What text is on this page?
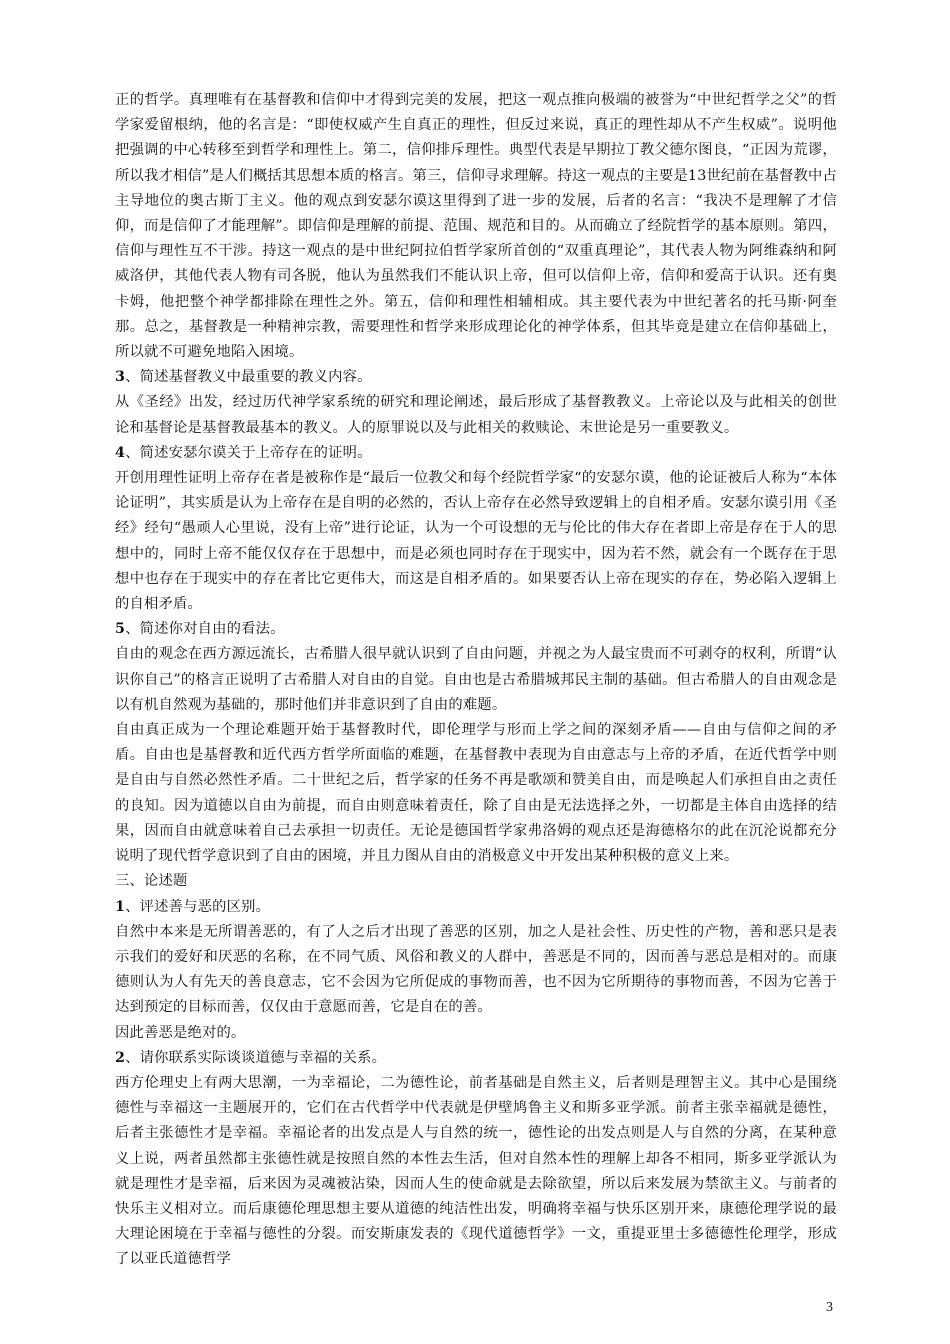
正的哲学。真理唯有在基督教和信仰中才得到完美的发展，把这一观点推向极端的被誉为“中世纪哲学之父”的哲学家爱留根纳，他的名言是：“即使权威产生自真正的理性，但反过来说，真正的理性却从不产生权威”。说明他把强调的中心转移至到哲学和理性上。第二，信仰排斥理性。典型代表是早期拉丁教父德尔图良，“正因为荒谬，所以我才相信”是人们概括其思想本质的格言。第三，信仰寻求理解。持这一观点的主要是13世纪前在基督教中占主导地位的奥古斯丁主义。他的观点到安瑟尔谟这里得到了进一步的发展，后者的名言：“我决不是理解了才信仰，而是信仰了才能理解”。即信仰是理解的前提、范围、规范和目的。从而确立了经院哲学的基本原则。第四，信仰与理性互不干涉。持这一观点的是中世纪阿拉伯哲学家所首创的“双重真理论”，其代表人物为阿维森纳和阿威洛伊，其他代表人物有司各脱，他认为虽然我们不能认识上帝，但可以信仰上帝，信仰和爱高于认识。还有奥卡姆，他把整个神学都排除在理性之外。第五，信仰和理性相辅相成。其主要代表为中世纪著名的托马斯·阿奎那。总之，基督教是一种精神宗教，需要理性和哲学来形成理论化的神学体系，但其毕竟是建立在信仰基础上，所以就不可避免地陷入困境。

3、简述基督教义中最重要的教义内容。

从《圣经》出发，经过历代神学家系统的研究和理论阐述，最后形成了基督教教义。上帝论以及与此相关的创世论和基督论是基督教最基本的教义。人的原罪说以及与此相关的救赎论、末世论是另一重要教义。

4、简述安瑟尔谟关于上帝存在的证明。

开创用理性证明上帝存在者是被称作是“最后一位教父和每个经院哲学家“的安瑟尔谟，他的论证被后人称为“本体论证明”，其实质是认为上帝存在是自明的必然的，否认上帝存在必然导致逻辑上的自相矛盾。安瑟尔谟引用《圣经》经句“愚顽人心里说，没有上帝”进行论证，认为一个可设想的无与伦比的伟大存在者即上帝是存在于人的思想中的，同时上帝不能仅仅存在于思想中，而是必须也同时存在于现实中，因为若不然，就会有一个既存在于思想中也存在于现实中的存在者比它更伟大，而这是自相矛盾的。如果要否认上帝在现实的存在，势必陷入逻辑上的自相矛盾。

5、简述你对自由的看法。

自由的观念在西方源远流长，古希腊人很早就认识到了自由问题，并视之为人最宝贵而不可剥夺的权利，所谓“认识你自己”的格言正说明了古希腊人对自由的自觉。自由也是古希腊城邦民主制的基础。但古希腊人的自由观念是以有机自然观为基础的，那时他们并非意识到了自由的难题。

自由真正成为一个理论难题开始于基督教时代，即伦理学与形而上学之间的深刻矛盾——自由与信仰之间的矛盾。自由也是基督教和近代西方哲学所面临的难题，在基督教中表现为自由意志与上帝的矛盾，在近代哲学中则是自由与自然必然性矛盾。二十世纪之后，哲学家的任务不再是歌颂和赞美自由，而是唤起人们承担自由之责任的良知。因为道德以自由为前提，而自由则意味着责任，除了自由是无法选择之外，一切都是主体自由选择的结果，因而自由就意味着自己去承担一切责任。无论是德国哲学家弗洛姆的观点还是海德格尔的此在沉沦说都充分说明了现代哲学意识到了自由的困境，并且力图从自由的消极意义中开发出某种积极的意义上来。

三、论述题

1、评述善与恶的区别。

自然中本来是无所谓善恶的，有了人之后才出现了善恶的区别，加之人是社会性、历史性的产物，善和恶只是表示我们的爱好和厌恶的名称，在不同气质、风俗和教义的人群中，善恶是不同的，因而善与恶总是相对的。而康德则认为人有先天的善良意志，它不会因为它所促成的事物而善，也不因为它所期待的事物而善，不因为它善于达到预定的目标而善，仅仅由于意愿而善，它是自在的善。

因此善恶是绝对的。

2、请你联系实际谈谈道德与幸福的关系。

西方伦理史上有两大思潮，一为幸福论，二为德性论，前者基础是自然主义，后者则是理智主义。其中心是围绕德性与幸福这一主题展开的，它们在古代哲学中代表就是伊壁鸠鲁主义和斯多亚学派。前者主张幸福就是德性，后者主张德性才是幸福。幸福论者的出发点是人与自然的统一，德性论的出发点则是人与自然的分离，在某种意义上说，两者虽然都主张德性就是按照自然的本性去生活，但对自然本性的理解上却各不相同，斯多亚学派认为就是理性才是幸福，后来因为灵魂被沾染，因而人生的使命就是去除欲望，所以后来发展为禁欲主义。与前者的快乐主义相对立。而后康德伦理思想主要从道德的纯洁性出发，明确将幸福与快乐区别开来，康德伦理学说的最大理论困境在于幸福与德性的分裂。而安斯康发表的《现代道德哲学》一文，重提亚里士多德德性伦理学，形成了以亚氏道德哲学

3
